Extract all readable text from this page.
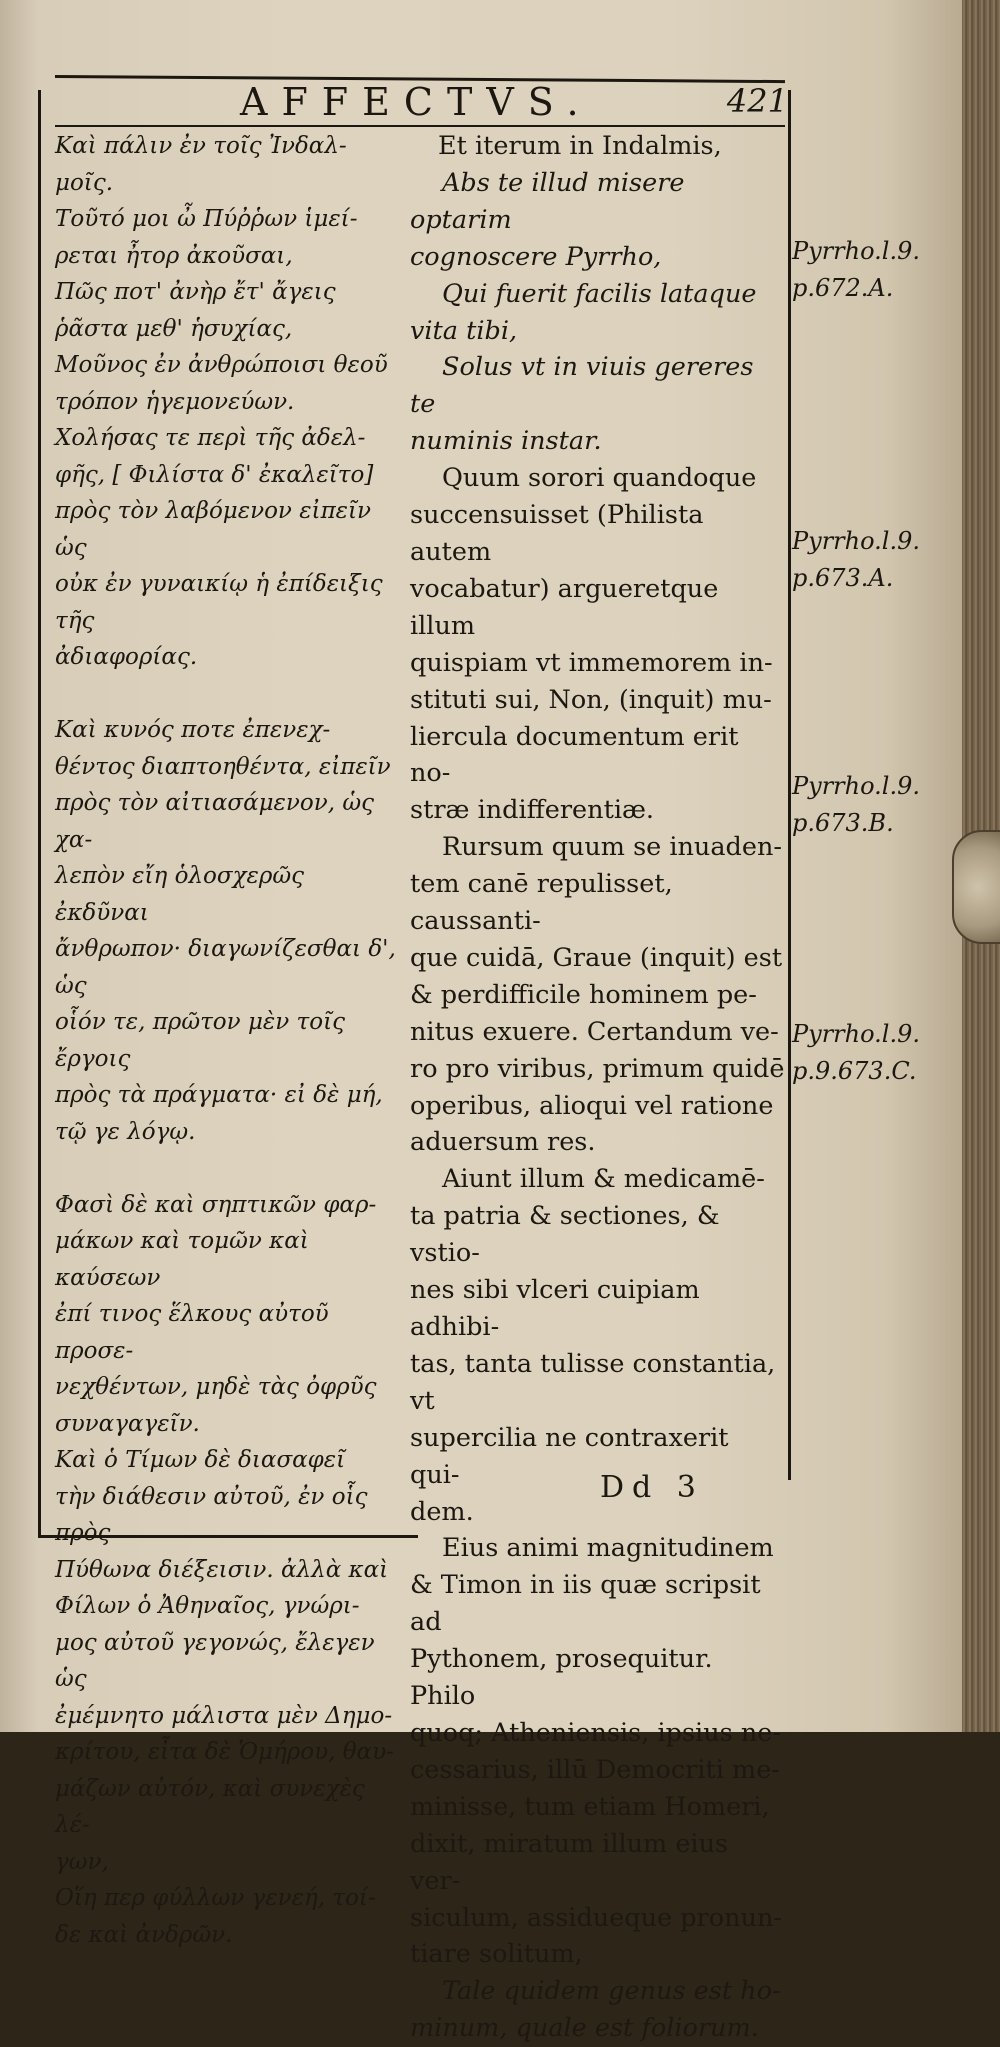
AFFECTVS.	421

Καὶ πάλιν ἐν τοῖς Ἰνδαλ-

μοῖς.

Τοῦτό μοι ὦ Πύῤῥων ἱμεί-

ρεται ἦτορ ἀκοῦσαι,

Πῶς ποτ' ἀνὴρ ἔτ' ἄγεις

ῥᾶστα μεθ' ἡσυχίας,

Μοῦνος ἐν ἀνθρώποισι θεοῦ

τρόπον ἡγεμονεύων.

Χολήσας τε περὶ τῆς ἀδελ-

φῆς, [ Φιλίστα δ' ἐκαλεῖτο]

πρὸς τὸν λαβόμενον εἰπεῖν ὡς

οὐκ ἐν γυναικίῳ ἡ ἐπίδειξις τῆς

ἀδιαφορίας.

Καὶ κυνός ποτε ἐπενεχ-

θέντος διαπτοηθέντα, εἰπεῖν

πρὸς τὸν αἰτιασάμενον, ὡς χα-

λεπὸν εἴη ὁλοσχερῶς ἐκδῦναι

ἄνθρωπον· διαγωνίζεσθαι δ', ὡς

οἷόν τε, πρῶτον μὲν τοῖς ἔργοις

πρὸς τὰ πράγματα· εἰ δὲ μή,

τῷ γε λόγῳ.

Φασὶ δὲ καὶ σηπτικῶν φαρ-

μάκων καὶ τομῶν καὶ καύσεων

ἐπί τινος ἕλκους αὐτοῦ προσε-

νεχθέντων, μηδὲ τὰς ὀφρῦς

συναγαγεῖν.

Καὶ ὁ Τίμων δὲ διασαφεῖ

τὴν διάθεσιν αὐτοῦ, ἐν οἷς πρὸς

Πύθωνα διέξεισιν. ἀλλὰ καὶ

Φίλων ὁ Ἀθηναῖος, γνώρι-

μος αὐτοῦ γεγονώς, ἔλεγεν ὡς

ἐμέμνητο μάλιστα μὲν Δημο-

κρίτου, εἶτα δὲ Ὁμήρου, θαυ-

μάζων αὐτόν, καὶ συνεχὲς λέ-

γων,

Οἵη περ φύλλων γενεή, τοί-

δε καὶ ἀνδρῶν.

Et iterum in Indalmis,

Abs te illud misere optarim

cognoscere Pyrrho,

Qui fuerit facilis lataque

vita tibi,

Solus vt in viuis gereres te

numinis instar.

Quum sorori quandoque

succensuisset (Philista autem

vocabatur) argueretque illum

quispiam vt immemorem in-

stituti sui, Non, (inquit) mu-

liercula documentum erit no-

stræ indifferentiæ.

Rursum quum se inuaden-

tem canē repulisset, caussanti-

que cuidā, Graue (inquit) est

& perdifficile hominem pe-

nitus exuere. Certandum ve-

ro pro viribus, primum quidē

operibus, alioqui vel ratione

aduersum res.

Aiunt illum & medicamē-

ta patria & sectiones, & vstio-

nes sibi vlceri cuipiam adhibi-

tas, tanta tulisse constantia, vt

supercilia ne contraxerit qui-

dem.

Eius animi magnitudinem

& Timon in iis quæ scripsit ad

Pythonem, prosequitur. Philo

quoq; Atheniensis, ipsius ne-

cessarius, illū Democriti me-

minisse, tum etiam Homeri,

dixit, miratum illum eius ver-

siculum, assidueque pronun-

tiare solitum,

Tale quidem genus est ho-

minum, quale est foliorum.

Pyrrho.l.9.
p.672.A.
Pyrrho.l.9.
p.673.A.
Pyrrho.l.9.
p.673.B.
Pyrrho.l.9.
p.9.673.C.
Dd 3
